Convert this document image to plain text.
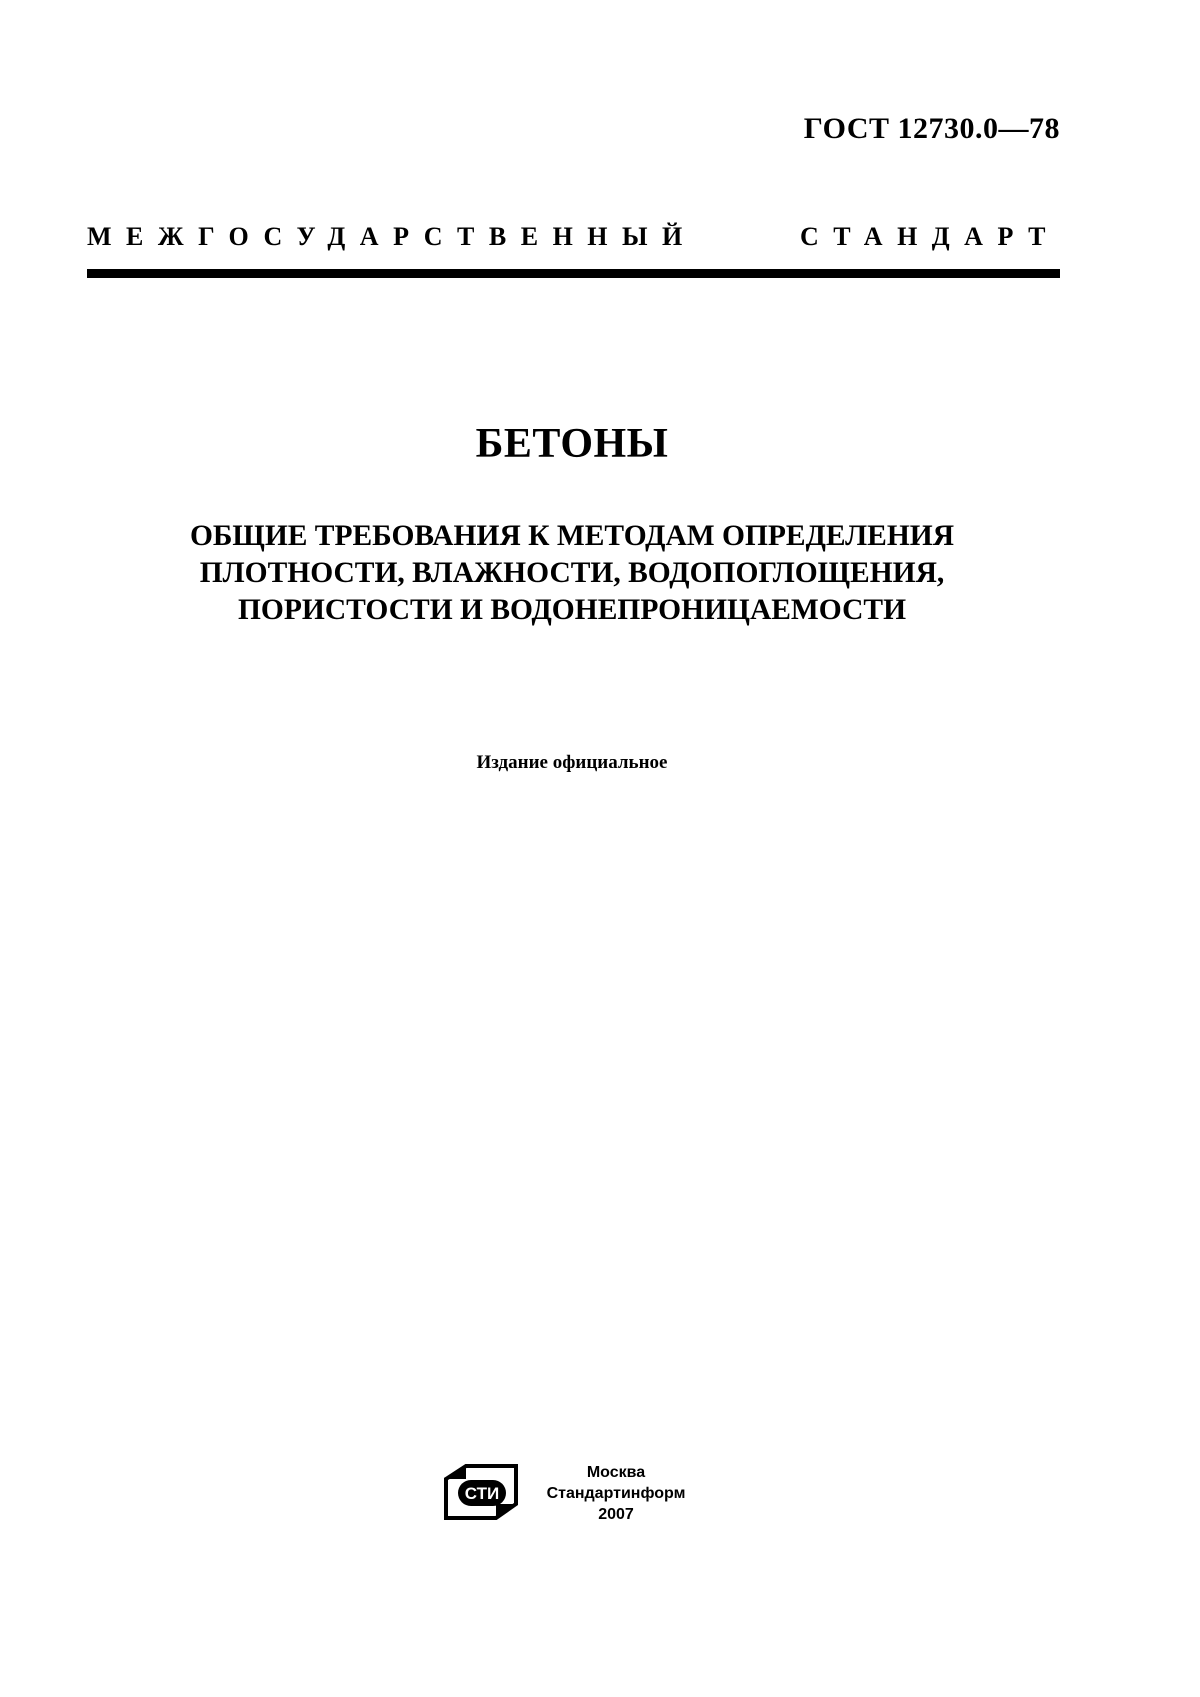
ГОСТ 12730.0—78
МЕЖГОСУДАРСТВЕННЫЙ	СТАНДАРТ
БЕТОНЫ
ОБЩИЕ ТРЕБОВАНИЯ К МЕТОДАМ ОПРЕДЕЛЕНИЯ
ПЛОТНОСТИ, ВЛАЖНОСТИ, ВОДОПОГЛОЩЕНИЯ,
ПОРИСТОСТИ И ВОДОНЕПРОНИЦАЕМОСТИ
Издание официальное
СТИ
Москва
Стандартинформ
2007
